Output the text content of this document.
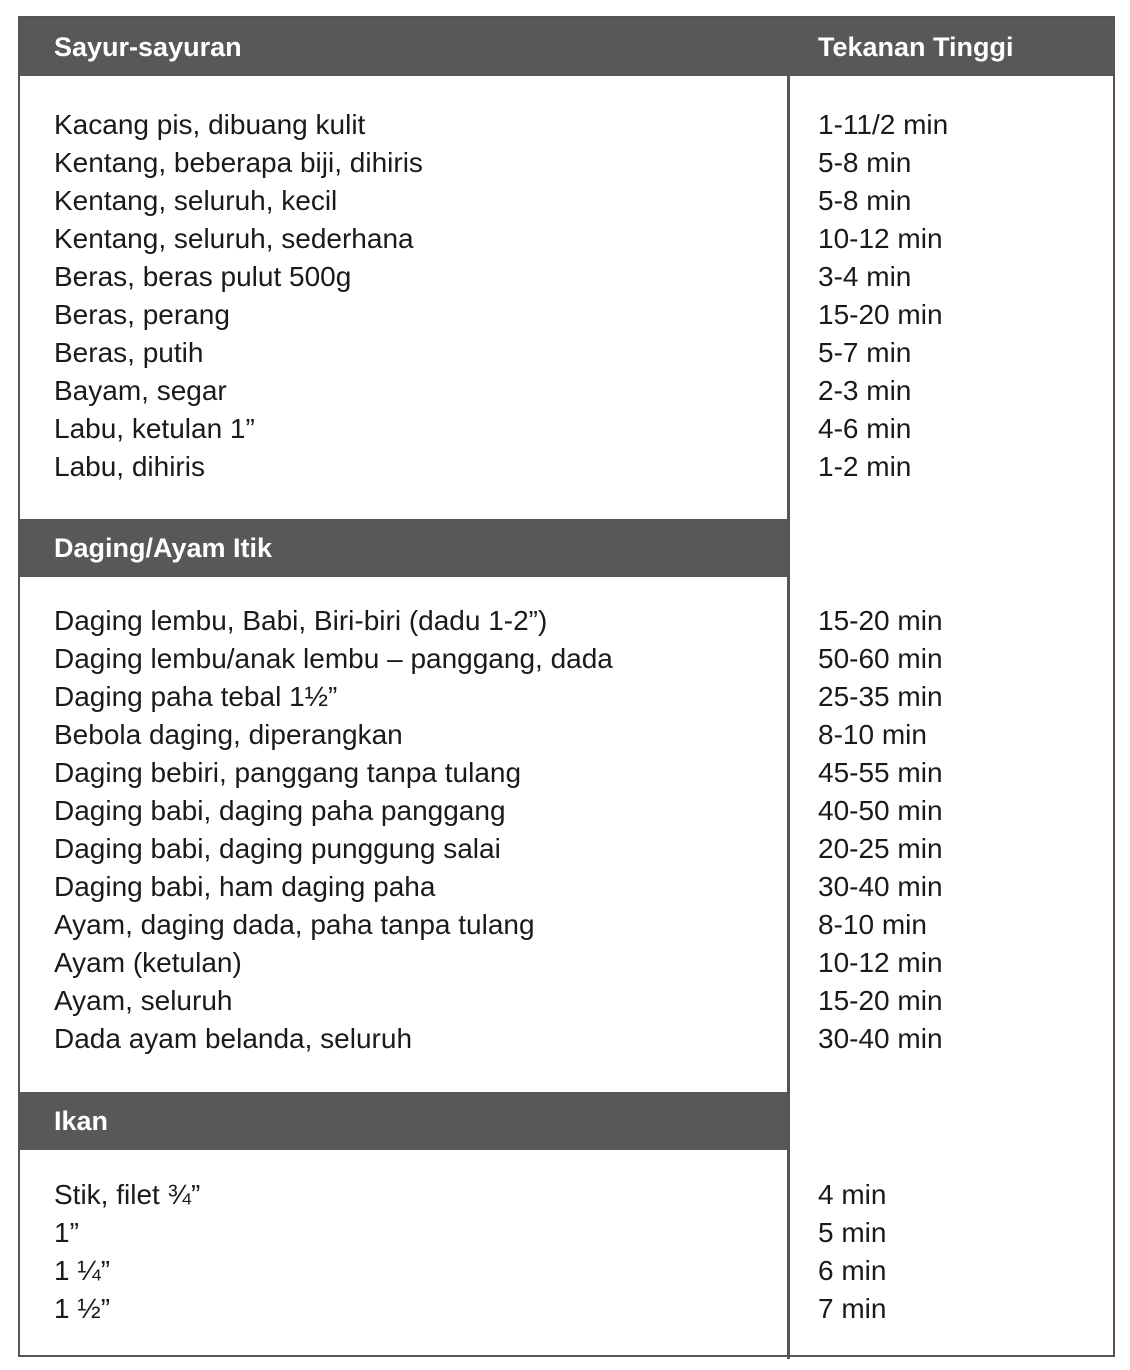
Sayur-sayuran	Tekanan Tinggi
Kacang pis, dibuang kulit	1-11/2 min
Kentang, beberapa biji, dihiris	5-8 min
Kentang, seluruh, kecil	5-8 min
Kentang, seluruh, sederhana	10-12 min
Beras, beras pulut 500g	3-4 min
Beras, perang	15-20 min
Beras, putih	5-7 min
Bayam, segar	2-3 min
Labu, ketulan 1”	4-6 min
Labu, dihiris	1-2 min
Daging/Ayam Itik
Daging lembu, Babi, Biri-biri (dadu 1-2”)	15-20 min
Daging lembu/anak lembu – panggang, dada	50-60 min
Daging paha tebal 1½”	25-35 min
Bebola daging, diperangkan	8-10 min
Daging bebiri, panggang tanpa tulang	45-55 min
Daging babi, daging paha panggang	40-50 min
Daging babi, daging punggung salai	20-25 min
Daging babi, ham daging paha	30-40 min
Ayam, daging dada, paha tanpa tulang	8-10 min
Ayam (ketulan)	10-12 min
Ayam, seluruh	15-20 min
Dada ayam belanda, seluruh	30-40 min
Ikan
Stik, filet ¾”	4 min
1”	5 min
1 ¼”	6 min
1 ½”	7 min
